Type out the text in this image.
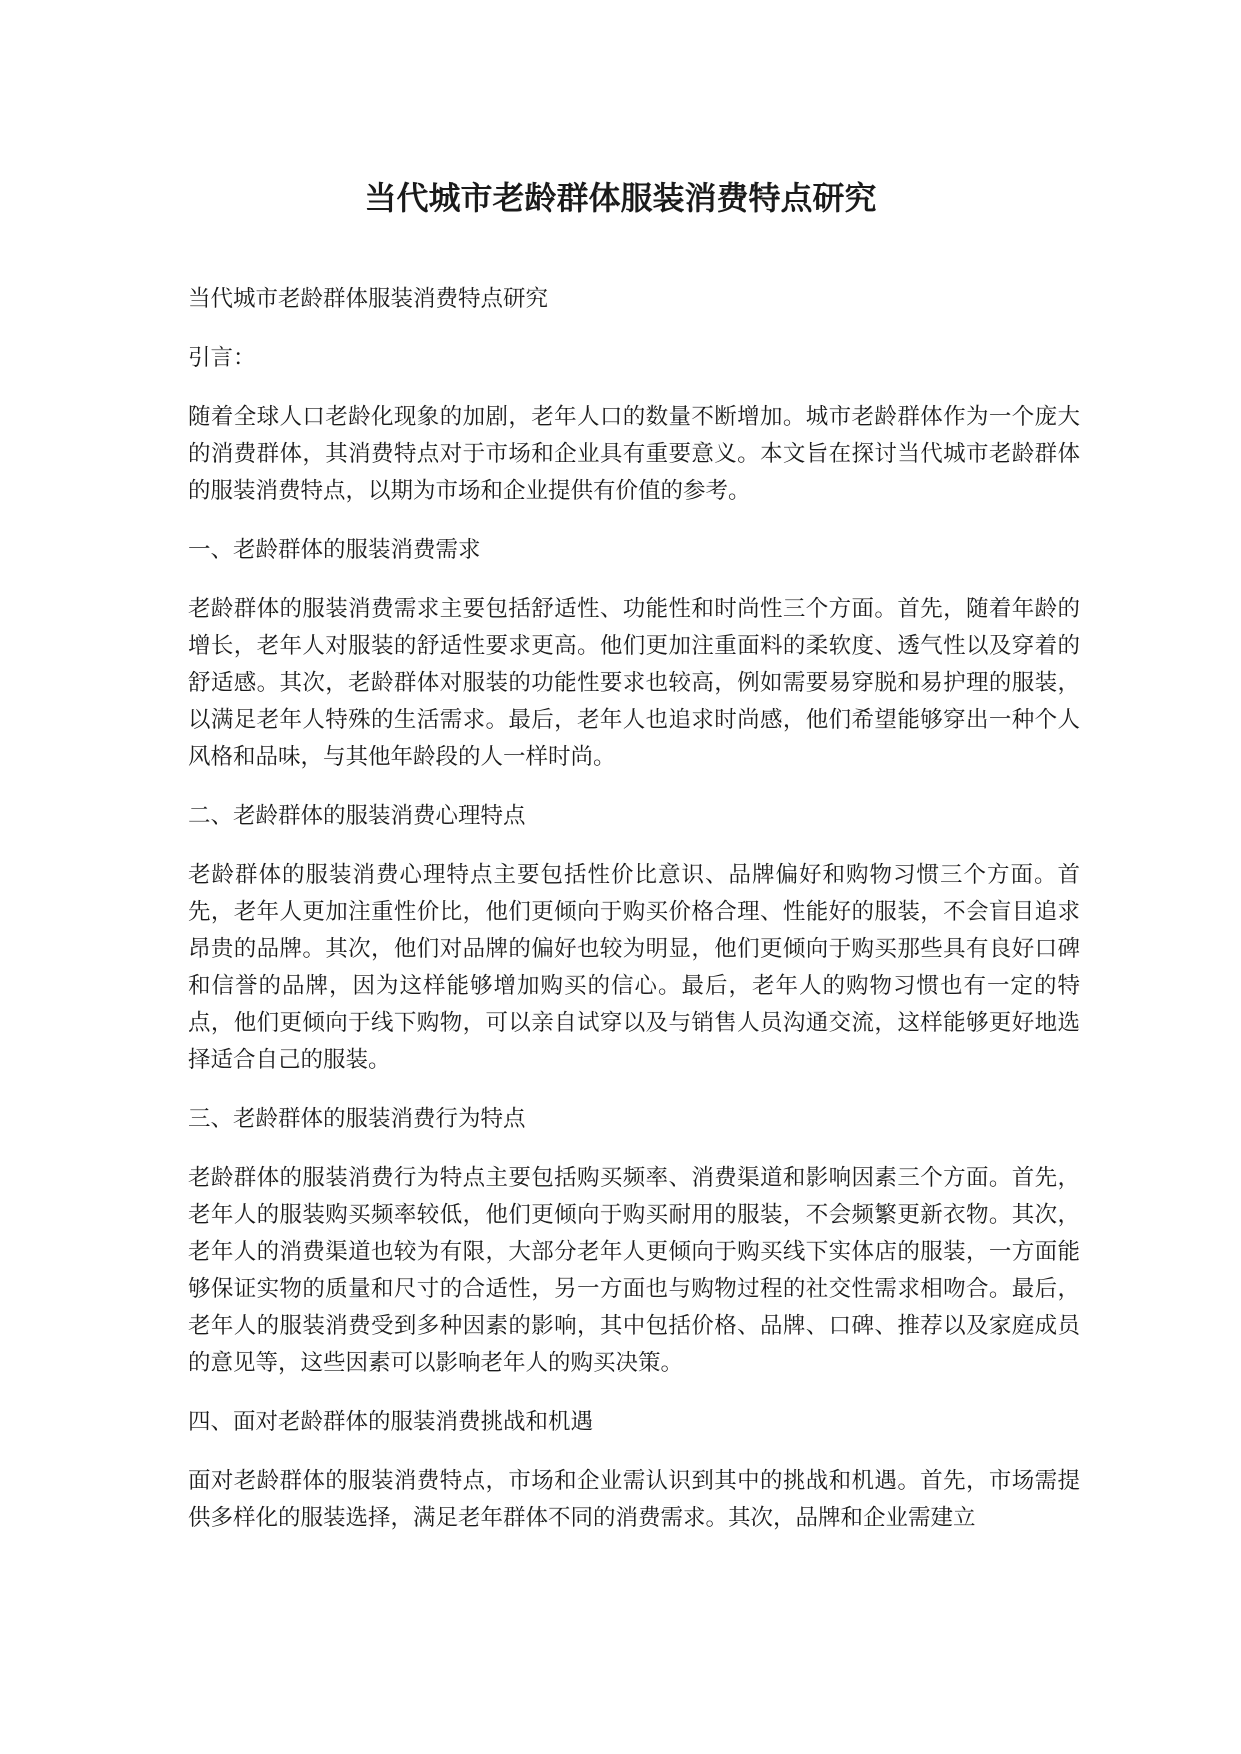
当代城市老龄群体服装消费特点研究

当代城市老龄群体服装消费特点研究

引言：

随着全球人口老龄化现象的加剧，老年人口的数量不断增加。城市老龄群体作为一个庞大的消费群体，其消费特点对于市场和企业具有重要意义。本文旨在探讨当代城市老龄群体的服装消费特点，以期为市场和企业提供有价值的参考。

一、老龄群体的服装消费需求

老龄群体的服装消费需求主要包括舒适性、功能性和时尚性三个方面。首先，随着年龄的增长，老年人对服装的舒适性要求更高。他们更加注重面料的柔软度、透气性以及穿着的舒适感。其次，老龄群体对服装的功能性要求也较高，例如需要易穿脱和易护理的服装，以满足老年人特殊的生活需求。最后，老年人也追求时尚感，他们希望能够穿出一种个人风格和品味，与其他年龄段的人一样时尚。

二、老龄群体的服装消费心理特点

老龄群体的服装消费心理特点主要包括性价比意识、品牌偏好和购物习惯三个方面。首先，老年人更加注重性价比，他们更倾向于购买价格合理、性能好的服装，不会盲目追求昂贵的品牌。其次，他们对品牌的偏好也较为明显，他们更倾向于购买那些具有良好口碑和信誉的品牌，因为这样能够增加购买的信心。最后，老年人的购物习惯也有一定的特点，他们更倾向于线下购物，可以亲自试穿以及与销售人员沟通交流，这样能够更好地选择适合自己的服装。

三、老龄群体的服装消费行为特点

老龄群体的服装消费行为特点主要包括购买频率、消费渠道和影响因素三个方面。首先，老年人的服装购买频率较低，他们更倾向于购买耐用的服装，不会频繁更新衣物。其次，老年人的消费渠道也较为有限，大部分老年人更倾向于购买线下实体店的服装，一方面能够保证实物的质量和尺寸的合适性，另一方面也与购物过程的社交性需求相吻合。最后，老年人的服装消费受到多种因素的影响，其中包括价格、品牌、口碑、推荐以及家庭成员的意见等，这些因素可以影响老年人的购买决策。

四、面对老龄群体的服装消费挑战和机遇

面对老龄群体的服装消费特点，市场和企业需认识到其中的挑战和机遇。首先，市场需提供多样化的服装选择，满足老年群体不同的消费需求。其次，品牌和企业需建立
